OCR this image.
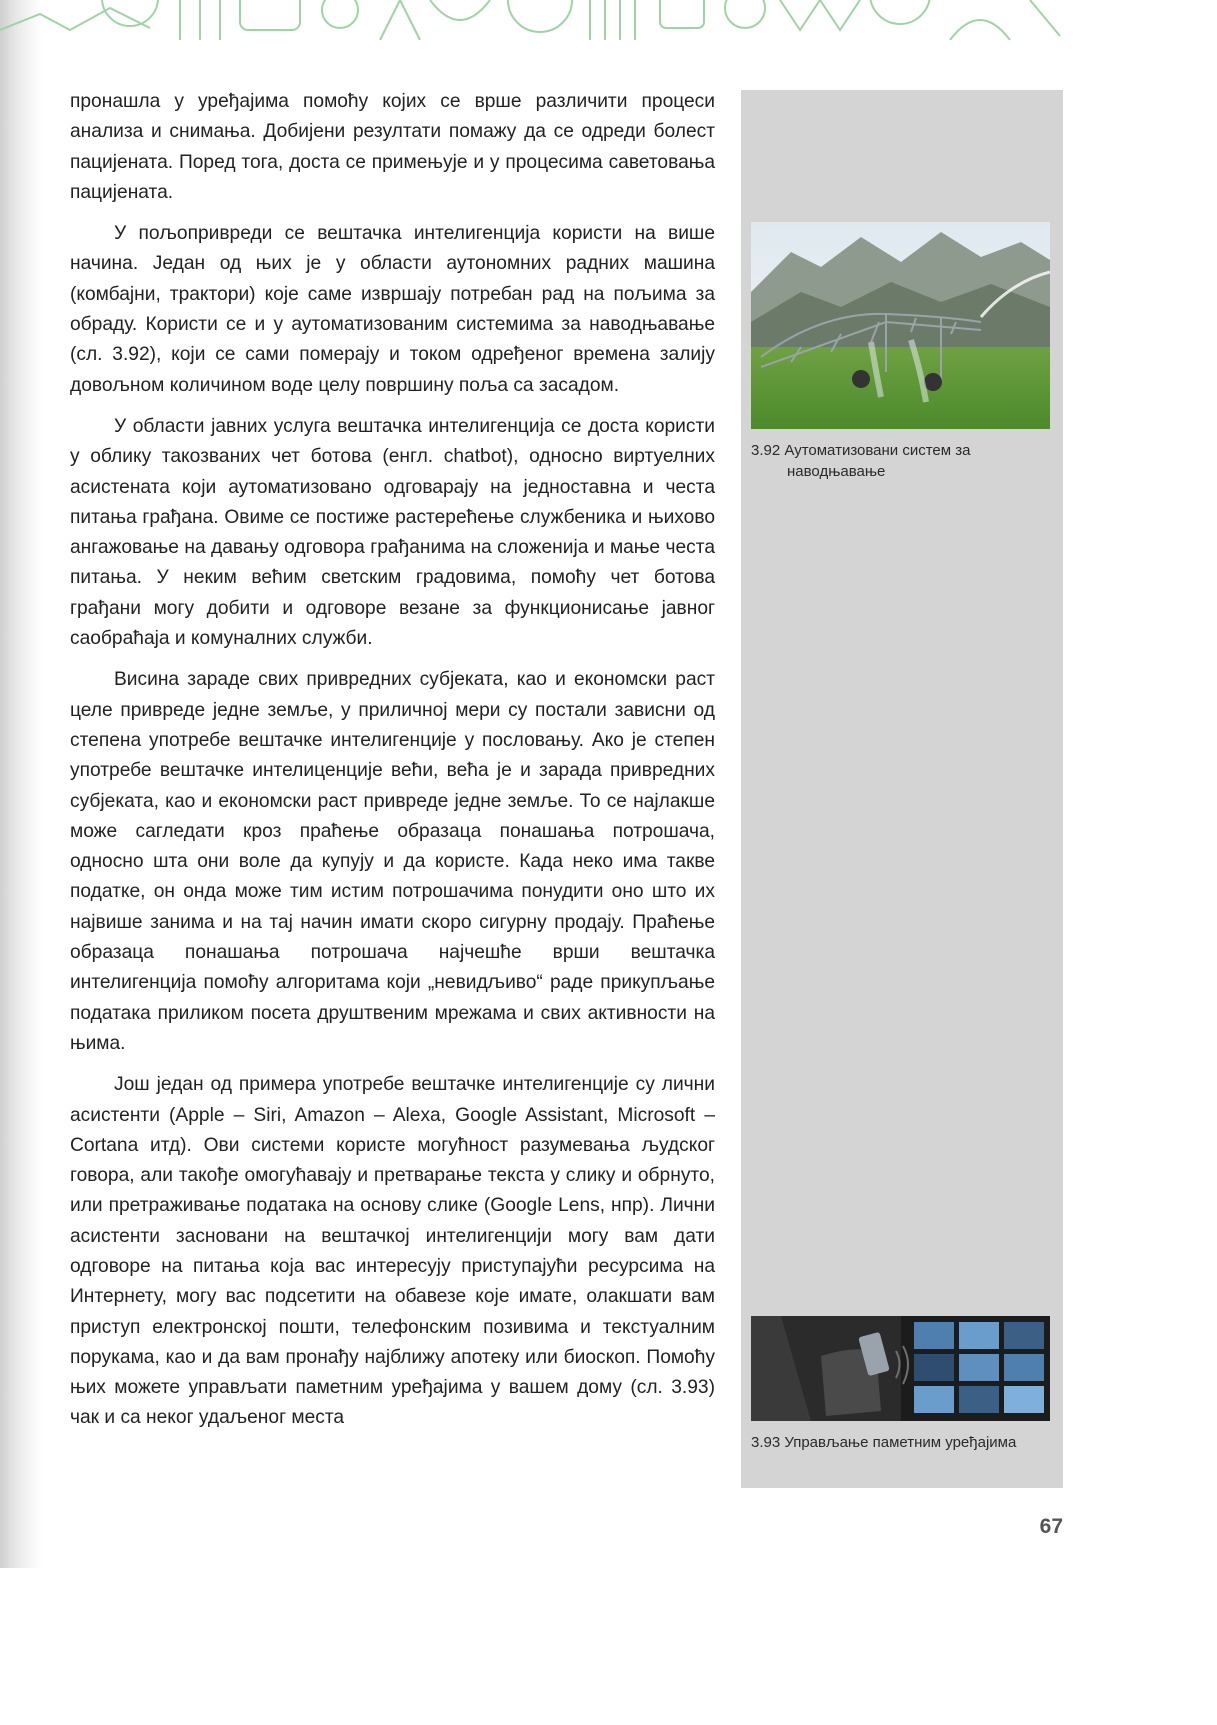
пронашла у уређајима помоћу којих се врше различити процеси анализа и снимања. Добијени резултати помажу да се одреди болест пацијената. Поред тога, доста се примењује и у процесима саветовања пацијената.

У пољопривреди се вештачка интелигенција користи на више начина. Један од њих је у области аутономних радних машина (комбајни, трактори) које саме извршају потребан рад на пољима за обраду. Користи се и у аутоматизованим системима за наводњавање (сл. 3.92), који се сами померају и током одређеног времена залију довољном количином воде целу површину поља са засадом.

У области јавних услуга вештачка интелигенција се доста користи у облику такозваних чет ботова (енгл. chatbot), односно виртуелних асистената који аутоматизовано одговарају на једноставна и честа питања грађана. Овиме се постиже растерећење службеника и њихово ангажовање на давању одговора грађанима на сложенија и мање честа питања. У неким већим светским градовима, помоћу чет ботова грађани могу добити и одговоре везане за функционисање јавног саобраћаја и комуналних служби.

Висина зараде свих привредних субјеката, као и економски раст целе привреде једне земље, у приличној мери су постали зависни од степена употребе вештачке интелигенције у пословању. Ако је степен употребе вештачке интелиценције већи, већа је и зарада привредних субјеката, као и економски раст привреде једне земље. То се најлакше може сагледати кроз праћење образаца понашања потрошача, односно шта они воле да купују и да користе. Када неко има такве податке, он онда може тим истим потрошачима понудити оно што их највише занима и на тај начин имати скоро сигурну продају. Праћење образаца понашања потрошача најчешће врши вештачка интелигенција помоћу алгоритама који „невидљиво“ раде прикупљање података приликом посета друштвеним мрежама и свих активности на њима.

Још један од примера употребе вештачке интелигенције су лични асистенти (Apple – Siri, Amazon – Alexa, Google Assistant, Microsoft – Cortana итд). Ови системи користе могућност разумевања људског говора, али такође омогућавају и претварање текста у слику и обрнуто, или претраживање података на основу слике (Google Lens, нпр). Лични асистенти засновани на вештачкој интелигенцији могу вам дати одговоре на питања која вас интересују приступајући ресурсима на Интернету, могу вас подсетити на обавезе које имате, олакшати вам приступ електронској пошти, телефонским позивима и текстуалним порукама, као и да вам пронађу најближу апотеку или биоскоп. Помоћу њих можете управљати паметним уређајима у вашем дому (сл. 3.93) чак и са неког удаљеног места

3.92 Аутоматизовани систем за наводњавање
3.93 Управљање паметним уређајима
67
